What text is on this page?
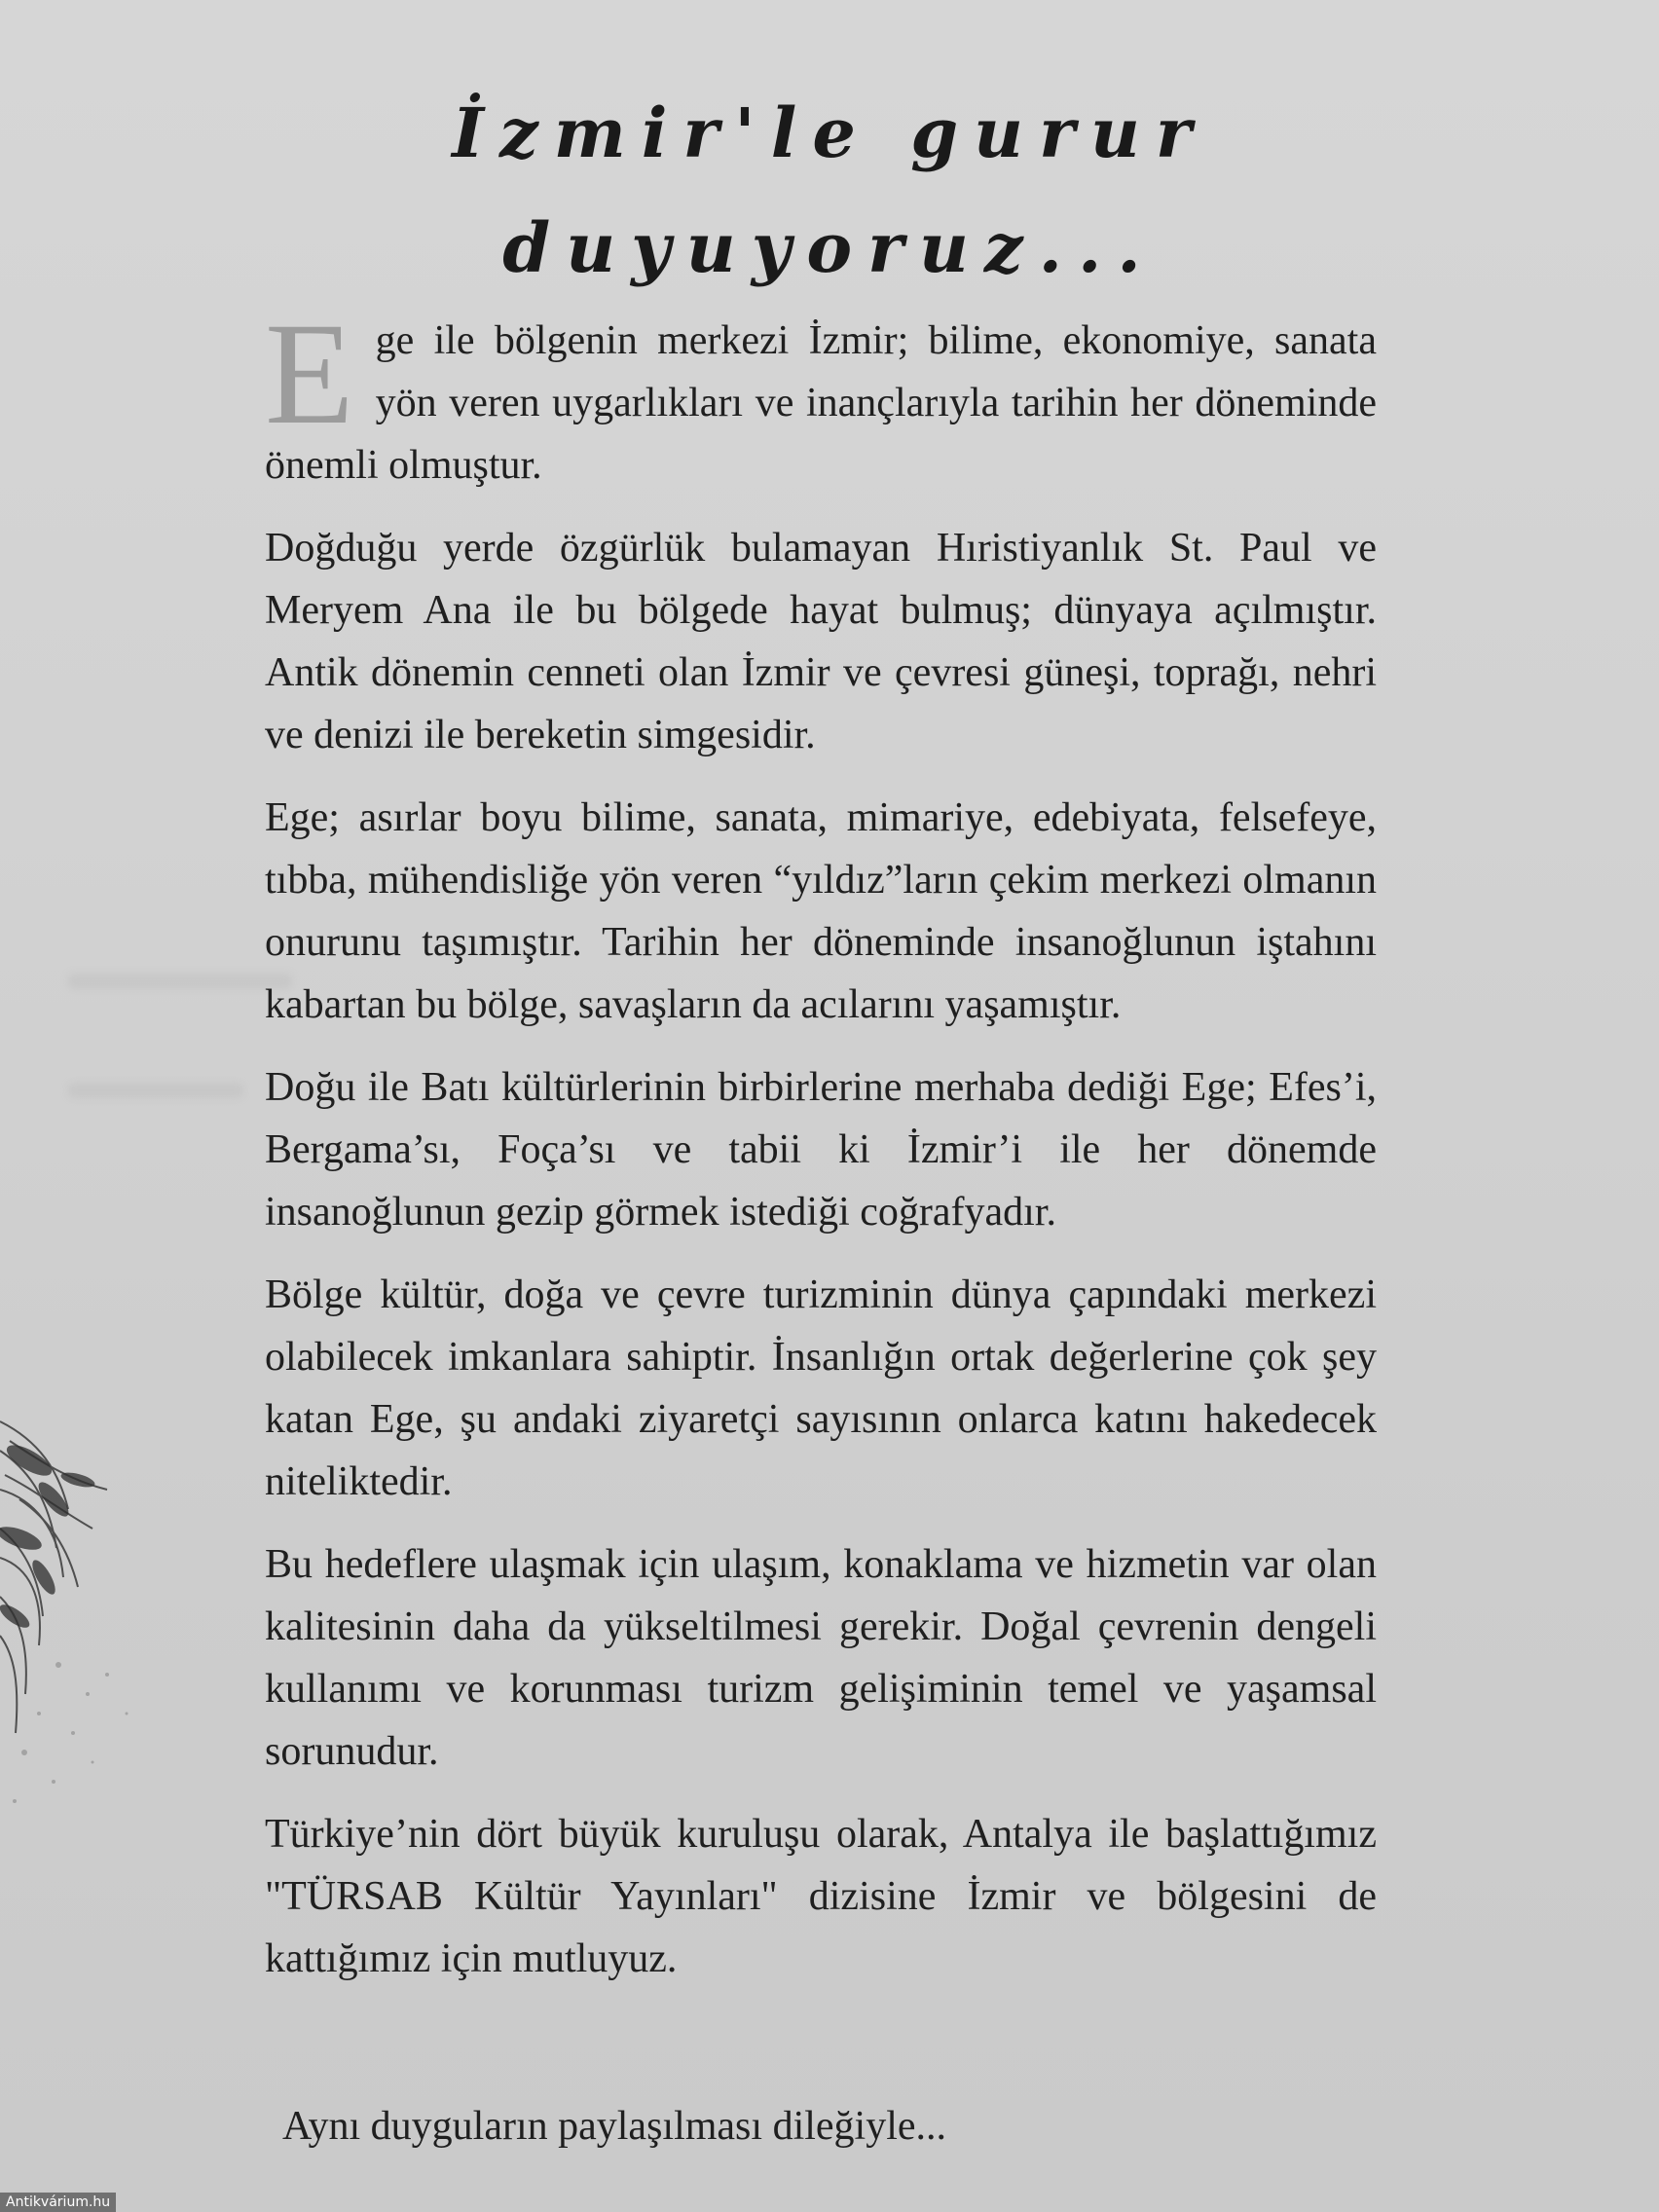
İzmir'le gurur
duyuyoruz...

Ege ile bölgenin merkezi İzmir; bilime, ekonomiye, sanata yön veren uygarlıkları ve inançlarıyla tarihin her döneminde önemli olmuştur.

Doğduğu yerde özgürlük bulamayan Hıristiyanlık St. Paul ve Meryem Ana ile bu bölgede hayat bulmuş; dünyaya açılmıştır. Antik dönemin cenneti olan İzmir ve çevresi güneşi, toprağı, nehri ve denizi ile bereketin simgesidir.

Ege; asırlar boyu bilime, sanata, mimariye, edebiyata, felsefeye, tıbba, mühendisliğe yön veren “yıldız”ların çekim merkezi olmanın onurunu taşımıştır. Tarihin her döneminde insanoğlunun iştahını kabartan bu bölge, savaşların da acılarını yaşamıştır.

Doğu ile Batı kültürlerinin birbirlerine merhaba dediği Ege; Efes’i, Bergama’sı, Foça’sı ve tabii ki İzmir’i ile her dönemde insanoğlunun gezip görmek istediği coğrafyadır.

Bölge kültür, doğa ve çevre turizminin dünya çapındaki merkezi olabilecek imkanlara sahiptir. İnsanlığın ortak değerlerine çok şey katan Ege, şu andaki ziyaretçi sayısının onlarca katını hakedecek niteliktedir.

Bu hedeflere ulaşmak için ulaşım, konaklama ve hizmetin var olan kalitesinin daha da yükseltilmesi gerekir. Doğal çevrenin dengeli kullanımı ve korunması turizm gelişiminin temel ve yaşamsal sorunudur.

Türkiye’nin dört büyük kuruluşu olarak, Antalya ile başlattığımız "TÜRSAB Kültür Yayınları" dizisine İzmir ve bölgesini de kattığımız için mutluyuz.

Aynı duyguların paylaşılması dileğiyle...
Antikvárium.hu
